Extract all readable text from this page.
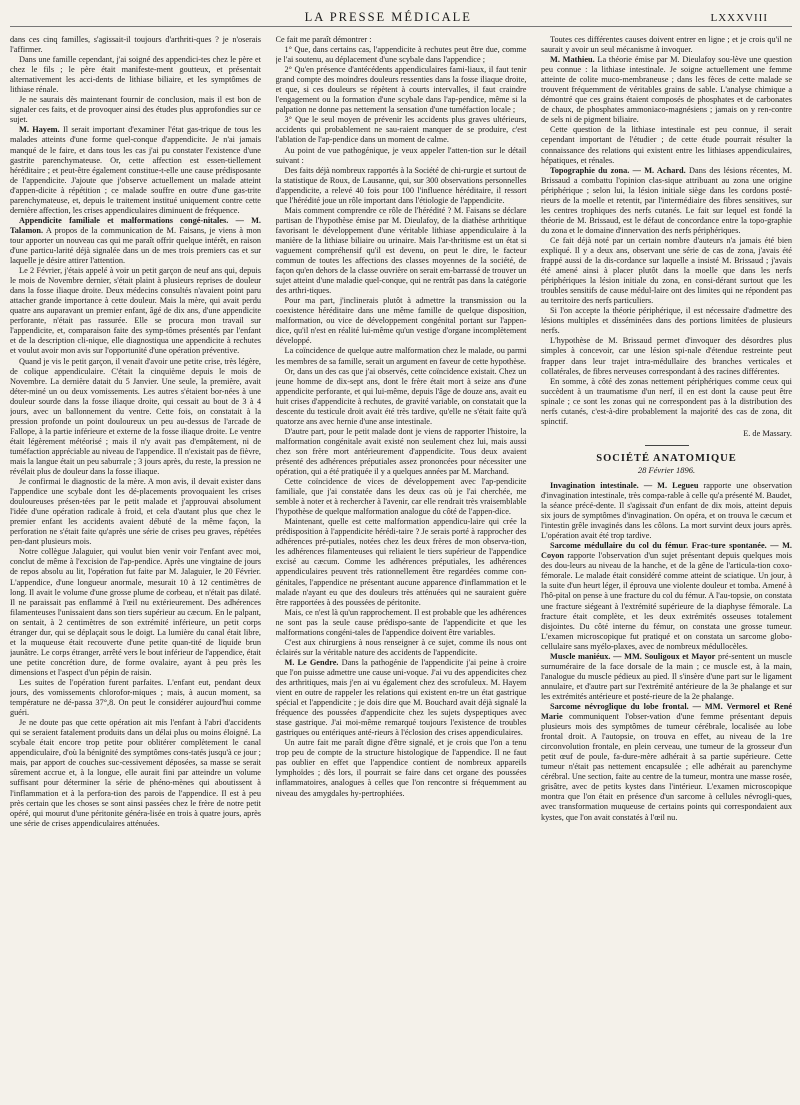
LA PRESSE MÉDICALE	LXXXVIII

dans ces cinq familles, s'agissait-il toujours d'arthriti-ques ? je n'oserais l'affirmer.

Dans une famille cependant, j'ai soigné des appendici-tes chez le père et chez le fils ; le père était manifeste-ment goutteux, et présentait alternativement les acci-dents de lithiase biliaire, et les symptômes de lithiase rénale.

Je ne saurais dès maintenant fournir de conclusion, mais il est bon de signaler ces faits, et de provoquer ainsi des études plus approfondies sur ce sujet.

M. Hayem. Il serait important d'examiner l'état gas-trique de tous les malades atteints d'une forme quel-conque d'appendicite. Je n'ai jamais manqué de le faire, et dans tous les cas j'ai pu constater l'existence d'une gastrite parenchymateuse. Or, cette affection est essen-tiellement héréditaire ; et peut-être également constitue-t-elle une cause prédisposante de l'appendicite. J'ajoute que j'observe actuellement un malade atteint d'appen-dicite à répétition ; ce malade souffre en outre d'une gas-trite parenchymateuse, et, depuis le traitement institué uniquement contre cette dernière affection, les crises appendiculaires diminuent de fréquence.

Appendicite familiale et malformations congé-nitales. — M. Talamon. A propos de la communication de M. Faisans, je viens à mon tour apporter un nouveau cas qui me paraît offrir quelque intérêt, en raison d'une particu-larité déjà signalée dans un de mes trois premiers cas et sur laquelle je désire attirer l'attention.

Le 2 Février, j'étais appelé à voir un petit garçon de neuf ans qui, depuis le mois de Novembre dernier, s'était plaint à plusieurs reprises de douleur dans la fosse iliaque droite. Deux médecins consultés n'avaient point paru attacher grande importance à cette douleur. Mais la mère, qui avait perdu quatre ans auparavant un premier enfant, âgé de dix ans, d'une appendicite perforante, n'était pas rassurée. Elle se procura mon travail sur l'appendicite, et, comparaison faite des symp-tômes présentés par l'enfant et de la description cli-nique, elle diagnostiqua une appendicite à rechutes et voulut avoir mon avis sur l'opportunité d'une opération préventive.

Quand je vis le petit garçon, il venait d'avoir une petite crise, très légère, de colique appendiculaire. C'était la cinquième depuis le mois de Novembre. La dernière datait du 5 Janvier. Une seule, la première, avait déter-miné un ou deux vomissements. Les autres s'étaient bor-nées à une douleur sourde dans la fosse iliaque droite, qui cessait au bout de 3 à 4 jours, avec un ballonnement du ventre. Cette fois, on constatait à la pression profonde un point douloureux un peu au-dessus de l'arcade de Fallope, à la partie inférieure et externe de la fosse iliaque droite. Le ventre était légèrement météorisé ; mais il n'y avait pas d'empâtement, ni de tuméfaction appréciable au niveau de l'appendice. Il n'existait pas de fièvre, mais la langue était un peu saburrale ; 3 jours après, du reste, la pression ne révélait plus de douleur dans la fosse iliaque.

Je confirmai le diagnostic de la mère. A mon avis, il devait exister dans l'appendice une scybale dont les dé-placements provoquaient les crises douloureuses présen-tées par le petit malade et j'approuvai absolument l'idée d'une opération radicale à froid, et cela d'autant plus que chez le premier enfant les accidents avaient débuté de la même façon, la perforation ne s'était faite qu'après une série de crises peu graves, répétées pen-dant plusieurs mois.

Notre collègue Jalaguier, qui voulut bien venir voir l'enfant avec moi, conclut de même à l'excision de l'ap-pendice. Après une vingtaine de jours de repos absolu au lit, l'opération fut faite par M. Jalaguier, le 20 Février. L'appendice, d'une longueur anormale, mesurait 10 à 12 centimètres de long. Il avait le volume d'une grosse plume de corbeau, et n'était pas dilaté. Il ne paraissait pas enflammé à l'œil nu extérieurement. Des adhérences filamenteuses l'unissaient dans son tiers supérieur au cæcum. En le palpant, on sentait, à 2 centimètres de son extrémité inférieure, un petit corps étranger dur, qui se déplaçait sous le doigt. La lumière du canal était libre, et la muqueuse était recouverte d'une petite quan-tité de liquide brun jaunâtre. Le corps étranger, arrêté vers le bout inférieur de l'appendice, était une petite concrétion dure, de forme ovalaire, ayant à peu près les dimensions et l'aspect d'un pépin de raisin.

Les suites de l'opération furent parfaites. L'enfant eut, pendant deux jours, des vomissements chlorofor-miques ; mais, à aucun moment, sa température ne dé-passa 37°,8. On peut le considérer aujourd'hui comme guéri.

Je ne doute pas que cette opération ait mis l'enfant à l'abri d'accidents qui se seraient fatalement produits dans un délai plus ou moins éloigné. La scybale était encore trop petite pour oblitérer complètement le canal appendiculaire, d'où la bénignité des symptômes cons-tatés jusqu'à ce jour ; mais, par apport de couches suc-cessivement déposées, sa masse se serait sûrement accrue et, à la longue, elle aurait fini par atteindre un volume suffisant pour déterminer la série de phéno-mènes qui aboutissent à l'inflammation et à la perfora-tion des parois de l'appendice. Il est à peu près certain que les choses se sont ainsi passées chez le frère de notre petit opéré, qui mourut d'une péritonite généra-lisée en trois à quatre jours, après une série de crises appendiculaires atténuées.

Ce fait me paraît démontrer :

1° Que, dans certains cas, l'appendicite à rechutes peut être due, comme je l'ai soutenu, au déplacement d'une scybale dans l'appendice ;

2° Qu'en présence d'antécédents appendiculaires fami-liaux, il faut tenir grand compte des moindres douleurs ressenties dans la fosse iliaque droite, et que, si ces douleurs se répètent à courts intervalles, il faut craindre l'engagement ou la formation d'une scybale dans l'ap-pendice, même si la palpation ne donne pas nettement la sensation d'une tuméfaction locale ;

3° Que le seul moyen de prévenir les accidents plus graves ultérieurs, accidents qui probablement ne sau-raient manquer de se produire, c'est l'ablation de l'ap-pendice dans un moment de calme.

Au point de vue pathogénique, je veux appeler l'atten-tion sur le détail suivant :

Des faits déjà nombreux rapportés à la Société de chi-rurgie et surtout de la statistique de Roux, de Lausanne, qui, sur 300 observations personnelles d'appendicite, a relevé 40 fois pour 100 l'influence héréditaire, il ressort que l'hérédité joue un rôle important dans l'étiologie de l'appendicite.

Mais comment comprendre ce rôle de l'hérédité ? M. Faisans se déclare partisan de l'hypothèse émise par M. Dieulafoy, de la diathèse arthritique favorisant le développement d'une véritable lithiase appendiculaire à la manière de la lithiase biliaire ou urinaire. Mais l'ar-thritisme est un état si vaguement compréhensif qu'il est devenu, on peut le dire, le facteur commun de toutes les affections des classes moyennes de la société, de façon qu'en dehors de la classe ouvrière on serait em-barrassé de trouver un sujet atteint d'une maladie quel-conque, qui ne rentrât pas dans la catégorie des arthri-tiques.

Pour ma part, j'inclinerais plutôt à admettre la transmission ou la coexistence héréditaire dans une même famille de quelque disposition, malformation, ou vice de développement congénital portant sur l'appen-dice, qu'il n'est en réalité lui-même qu'un vestige d'organe incomplètement développé.

La coïncidence de quelque autre malformation chez le malade, ou parmi les membres de sa famille, serait un argument en faveur de cette hypothèse.

Or, dans un des cas que j'ai observés, cette coïncidence existait. Chez un jeune homme de dix-sept ans, dont le frère était mort à seize ans d'une appendicite perforante, et qui lui-même, depuis l'âge de douze ans, avait eu huit crises d'appendicite à rechutes, de gravité variable, on constatait que la descente du testicule droit avait été très tardive, qu'elle ne s'était faite qu'à quatorze ans avec hernie d'une anse intestinale.

D'autre part, pour le petit malade dont je viens de rapporter l'histoire, la malformation congénitale avait existé non seulement chez lui, mais aussi chez son frère mort antérieurement d'appendicite. Tous deux avaient présenté des adhérences préputiales assez prononcées pour nécessiter une opération, qui a été pratiquée il y a quelques années par M. Marchand.

Cette coïncidence de vices de développement avec l'ap-pendicite familiale, que j'ai constatée dans les deux cas où je l'ai cherchée, me semble à noter et à rechercher à l'avenir, car elle rendrait très vraisemblable l'hypothèse de quelque malformation analogue du côté de l'appen-dice.

Maintenant, quelle est cette malformation appendicu-laire qui crée la prédisposition à l'appendicite hérédi-taire ? Je serais porté à rapprocher des adhérences pré-putiales, notées chez les deux frères de mon observa-tion, les adhérences filamenteuses qui reliaient le tiers supérieur de l'appendice excisé au cæcum. Comme les adhérences préputiales, les adhérences appendiculaires peuvent très rationnellement être regardées comme con-génitales, l'appendice ne présentant aucune apparence d'inflammation et le malade n'ayant eu que des douleurs très atténuées qui ne sauraient guère être rapportées à des poussées de péritonite.

Mais, ce n'est là qu'un rapprochement. Il est probable que les adhérences ne sont pas la seule cause prédispo-sante de l'appendicite et que les malformations congéni-tales de l'appendice doivent être variables.

C'est aux chirurgiens à nous renseigner à ce sujet, comme ils nous ont éclairés sur la véritable nature des accidents de l'appendicite.

M. Le Gendre. Dans la pathogénie de l'appendicite j'ai peine à croire que l'on puisse admettre une cause uni-voque. J'ai vu des appendicites chez des arthritiques, mais j'en ai vu également chez des scrofuleux. M. Hayem vient en outre de rappeler les relations qui existent en-tre un état gastrique spécial et l'appendicite ; je dois dire que M. Bouchard avait déjà signalé la fréquence des poussées d'appendicite chez les sujets dyspeptiques avec stase gastrique. J'ai moi-même remarqué toujours l'existence de troubles gastriques ou entériques anté-rieurs à l'éclosion des crises appendiculaires.

Un autre fait me paraît digne d'être signalé, et je crois que l'on a tenu trop peu de compte de la structure histologique de l'appendice. Il ne faut pas oublier en effet que l'appendice contient de nombreux appareils lymphoïdes ; dès lors, il pourrait se faire dans cet organe des poussées inflammatoires, analogues à celles que l'on rencontre si fréquemment au niveau des amygdales hy-pertrophiées.

Toutes ces différentes causes doivent entrer en ligne ; et je crois qu'il ne saurait y avoir un seul mécanisme à invoquer.

M. Mathieu. La théorie émise par M. Dieulafoy sou-lève une question peu connue : la lithiase intestinale. Je soigne actuellement une femme atteinte de colite muco-membraneuse ; dans les fèces de cette malade se trouvent fréquemment de véritables grains de sable. L'analyse chimique a démontré que ces grains étaient composés de phosphates et de carbonates de chaux, de phosphates ammoniaco-magnésiens ; jamais on y ren-contre de sels ni de pigment biliaire.

Cette question de la lithiase intestinale est peu connue, il serait cependant important de l'étudier ; de cette étude pourrait résulter la connaissance des relations qui existent entre les lithiases appendiculaires, hépatiques, et rénales.

Topographie du zona. — M. Achard. Dans des lésions récentes, M. Brissaud a combattu l'opinion clas-sique attribuant au zona une origine périphérique ; selon lui, la lésion initiale siège dans les cordons posté-rieurs de la moelle et retentit, par l'intermédiaire des fibres sensitives, sur les centres trophiques des nerfs cutanés. Le fait sur lequel est fondé la théorie de M. Brissaud, est le défaut de concordance entre la topo-graphie du zona et le domaine d'innervation des nerfs périphériques.

Ce fait déjà noté par un certain nombre d'auteurs n'a jamais été bien expliqué. Il y a deux ans, observant une série de cas de zona, j'avais été frappé aussi de la dis-cordance sur laquelle a insisté M. Brissaud ; j'avais été amené ainsi à placer plutôt dans la moelle que dans les nerfs périphériques la lésion initiale du zona, en consi-dérant surtout que les troubles sensitifs de cause médul-laire ont des limites qui ne répondent pas au territoire des nerfs particuliers.

Si l'on accepte la théorie périphérique, il est nécessaire d'admettre des lésions multiples et disséminées dans des portions limitées de plusieurs nerfs.

L'hypothèse de M. Brissaud permet d'invoquer des désordres plus simples à concevoir, car une lésion spi-nale d'étendue restreinte peut frapper dans leur trajet intra-médullaire des branches verticales et collatérales, de fibres nerveuses correspondant à des racines différentes.

En somme, à côté des zonas nettement périphériques comme ceux qui succèdent à un traumatisme d'un nerf, il en est dont la cause peut être spinale ; ce sont les zonas qui ne correspondent pas à la distribution des nerfs cutanés, c'est-à-dire probablement la majorité des cas de zona, dit spinctif.

E. de Massary.
SOCIÉTÉ ANATOMIQUE
28 Février 1896.

Invagination intestinale. — M. Legueu rapporte une observation d'invagination intestinale, très compa-rable à celle qu'a présenté M. Baudet, la séance précé-dente. Il s'agissait d'un enfant de dix mois, atteint depuis six jours de symptômes d'invagination. On opéra, et on trouva le cæcum et l'intestin grêle invaginés dans les côlons. La mort survint deux jours après. L'opération avait été trop tardive.

Sarcome médullaire du col du fémur. Frac-ture spontanée. — M. Coyon rapporte l'observation d'un sujet présentant depuis quelques mois des dou-leurs au niveau de la hanche, et de la gêne de l'articula-tion coxo-fémorale. Le malade était considéré comme atteint de sciatique. Un jour, à la suite d'un heurt léger, il éprouva une violente douleur et tomba. Amené à l'hô-pital on pense à une fracture du col du fémur. A l'au-topsie, on constata une fracture siégeant à l'extrémité supérieure de la diaphyse fémorale. La fracture était complète, et les deux extrémités osseuses totalement disjointes. Du côté interne du fémur, on constata une grosse tumeur. L'examen microscopique fut pratiqué et on constata un sarcome globo-cellulaire sans myélo-plaxes, avec de nombreux médullocèles.

Muscle maniéux. — MM. Souligoux et Mayor pré-sentent un muscle surnuméraire de la face dorsale de la main ; ce muscle est, à la main, l'analogue du muscle pédieux au pied. Il s'insère d'une part sur le ligament annulaire, et d'autre part sur l'extrémité antérieure de la 3e phalange et sur les extrémités antérieure et posté-rieure de la 2e phalange.

Sarcome névroglique du lobe frontal. — MM. Vermorel et René Marie communiquent l'obser-vation d'une femme présentant depuis plusieurs mois des symptômes de tumeur cérébrale, localisée au lobe frontal droit. A l'autopsie, on trouva en effet, au niveau de la 1re circonvolution frontale, en plein cerveau, une tumeur de la grosseur d'un petit œuf de poule, fa-dure-mère adhérait à sa partie supérieure. Cette tumeur n'était pas nettement encapsulée ; elle adhérait au parenchyme cérébral. Une section, faite au centre de la tumeur, montra une masse rosée, grisâtre, avec de petits kystes dans l'intérieur. L'examen microscopique montra que l'on était en présence d'un sarcome à cellules névrogli-ques, avec transformation muqueuse de certains points qui correspondaient aux kystes, que l'on avait constatés à l'œil nu.
